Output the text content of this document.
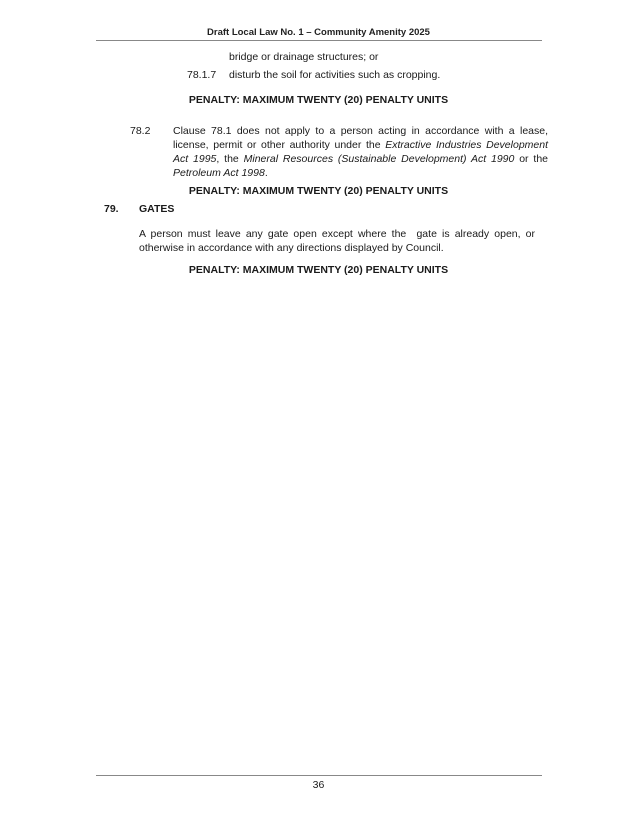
Draft Local Law No. 1 – Community Amenity 2025
bridge or drainage structures; or
78.1.7 disturb the soil for activities such as cropping.
PENALTY: MAXIMUM TWENTY (20) PENALTY UNITS
78.2 Clause 78.1 does not apply to a person acting in accordance with a lease,
license, permit or other authority under the Extractive Industries Development
Act 1995, the Mineral Resources (Sustainable Development) Act 1990 or the
Petroleum Act 1998.
PENALTY: MAXIMUM TWENTY (20) PENALTY UNITS
79. GATES
A person must leave any gate open except where the  gate is already open, or
otherwise in accordance with any directions displayed by Council.
PENALTY: MAXIMUM TWENTY (20) PENALTY UNITS
36
